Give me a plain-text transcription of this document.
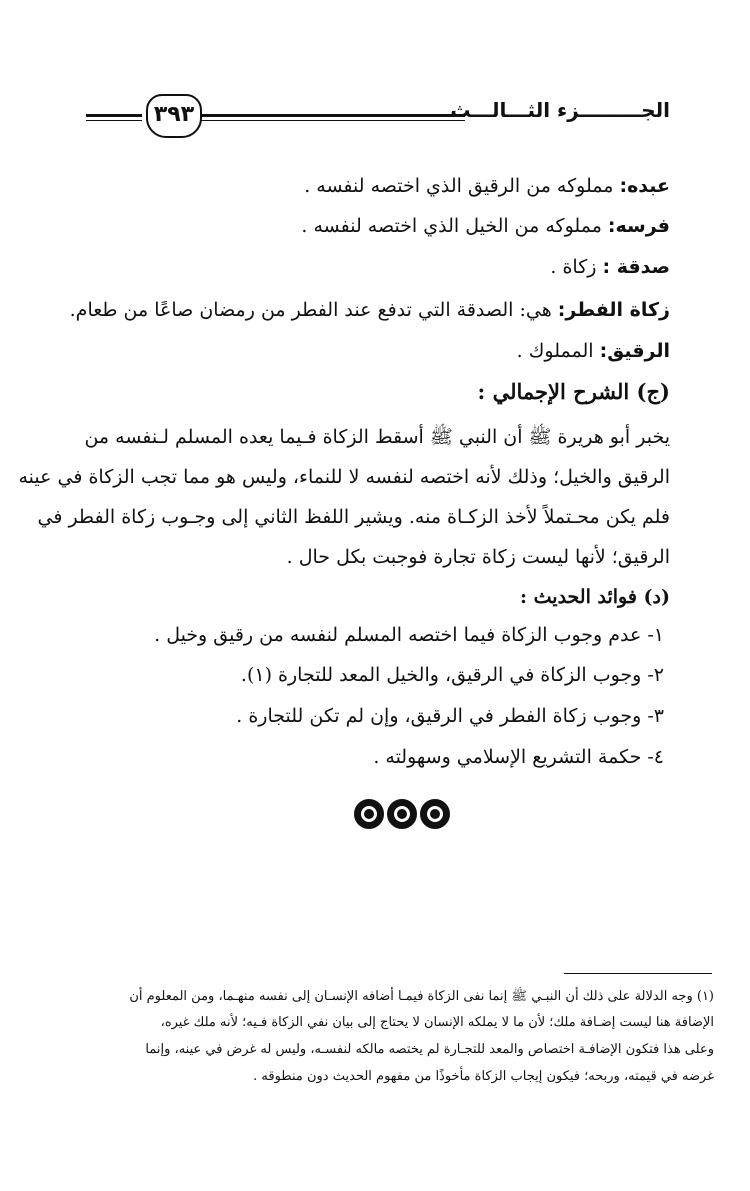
٣٩٣	الجـــــــــزء الثـــالـــث
عبده: مملوكه من الرقيق الذي اختصه لنفسه .
فرسه: مملوكه من الخيل الذي اختصه لنفسه .
صدقة : زكاة .
زكاة الفطر: هي: الصدقة التي تدفع عند الفطر من رمضان صاعًا من طعام.
الرقيق: المملوك .
(ج) الشرح الإجمالي :
يخبر أبو هريرة ﷺ أن النبي ﷺ أسقط الزكاة فـيما يعده المسلم لـنفسه من
الرقيق والخيل؛ وذلك لأنه اختصه لنفسه لا للنماء، وليس هو مما تجب الزكاة في عينه
فلم يكن محـتملاً لأخذ الزكـاة منه. ويشير اللفظ الثاني إلى وجـوب زكاة الفطر في
الرقيق؛ لأنها ليست زكاة تجارة فوجبت بكل حال .
(د) فوائد الحديث :
١- عدم وجوب الزكاة فيما اختصه المسلم لنفسه من رقيق وخيل .
٢- وجوب الزكاة في الرقيق، والخيل المعد للتجارة (١).
٣- وجوب زكاة الفطر في الرقيق، وإن لم تكن للتجارة .
٤- حكمة التشريع الإسلامي وسهولته .
(١) وجه الدلالة على ذلك أن النبـي ﷺ إنما نفى الزكاة فيمـا أضافه الإنسـان إلى نفسه منهـما، ومن المعلوم أن
الإضافة هنا ليست إضـافة ملك؛ لأن ما لا يملكه الإنسان لا يحتاج إلى بيان نفي الزكاة فـيه؛ لأنه ملك غيره،
وعلى هذا فتكون الإضافـة اختصاص والمعد للتجـارة لم يختصه مالكه لنفسـه، وليس له غرض في عينه، وإنما
غرضه في قيمته، وربحه؛ فيكون إيجاب الزكاة مأخوذًا من مفهوم الحديث دون منطوقه .
